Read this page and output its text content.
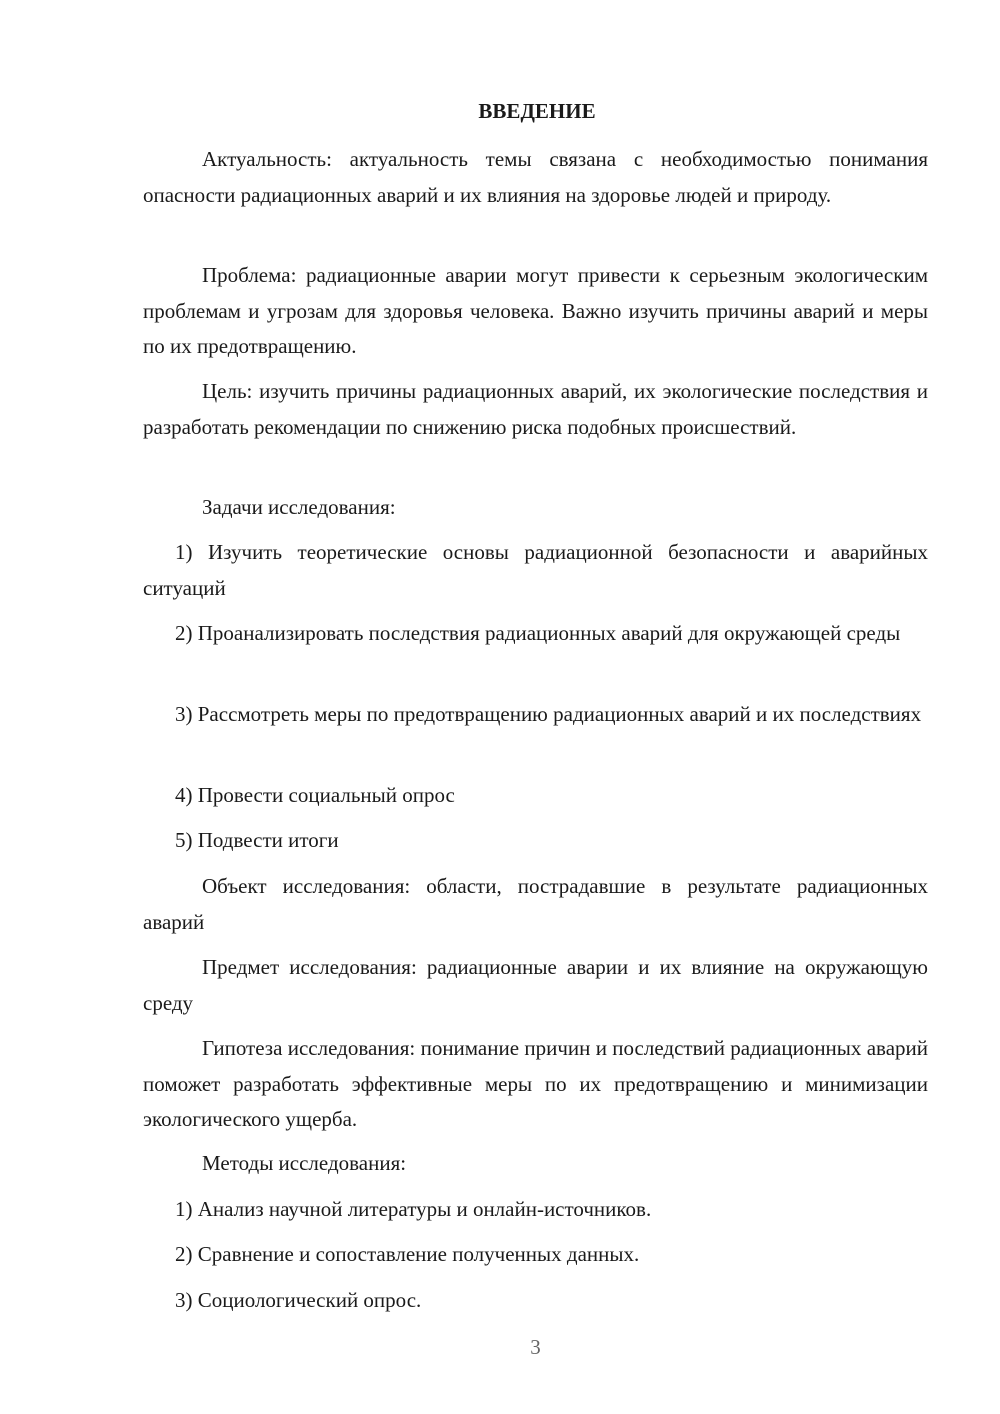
ВВЕДЕНИЕ

Актуальность: актуальность темы связана с необходимостью понимания опасности радиационных аварий и их влияния на здоровье людей и природу.

Проблема: радиационные аварии могут привести к серьезным экологическим проблемам и угрозам для здоровья человека. Важно изучить причины аварий и меры по их предотвращению.

Цель: изучить причины радиационных аварий, их экологические последствия и разработать рекомендации по снижению риска подобных происшествий.

Задачи исследования:

1) Изучить теоретические основы радиационной безопасности и аварийных ситуаций

2) Проанализировать последствия радиационных аварий для окружающей среды

3) Рассмотреть меры по предотвращению радиационных аварий и их последствиях

4) Провести социальный опрос

5) Подвести итоги

Объект исследования: области, пострадавшие в результате радиационных аварий

Предмет исследования: радиационные аварии и их влияние на окружающую среду

Гипотеза исследования: понимание причин и последствий радиационных аварий поможет разработать эффективные меры по их предотвращению и минимизации экологического ущерба.

Методы исследования:

1) Анализ научной литературы и онлайн-источников.

2) Сравнение и сопоставление полученных данных.

3) Социологический опрос.

3
